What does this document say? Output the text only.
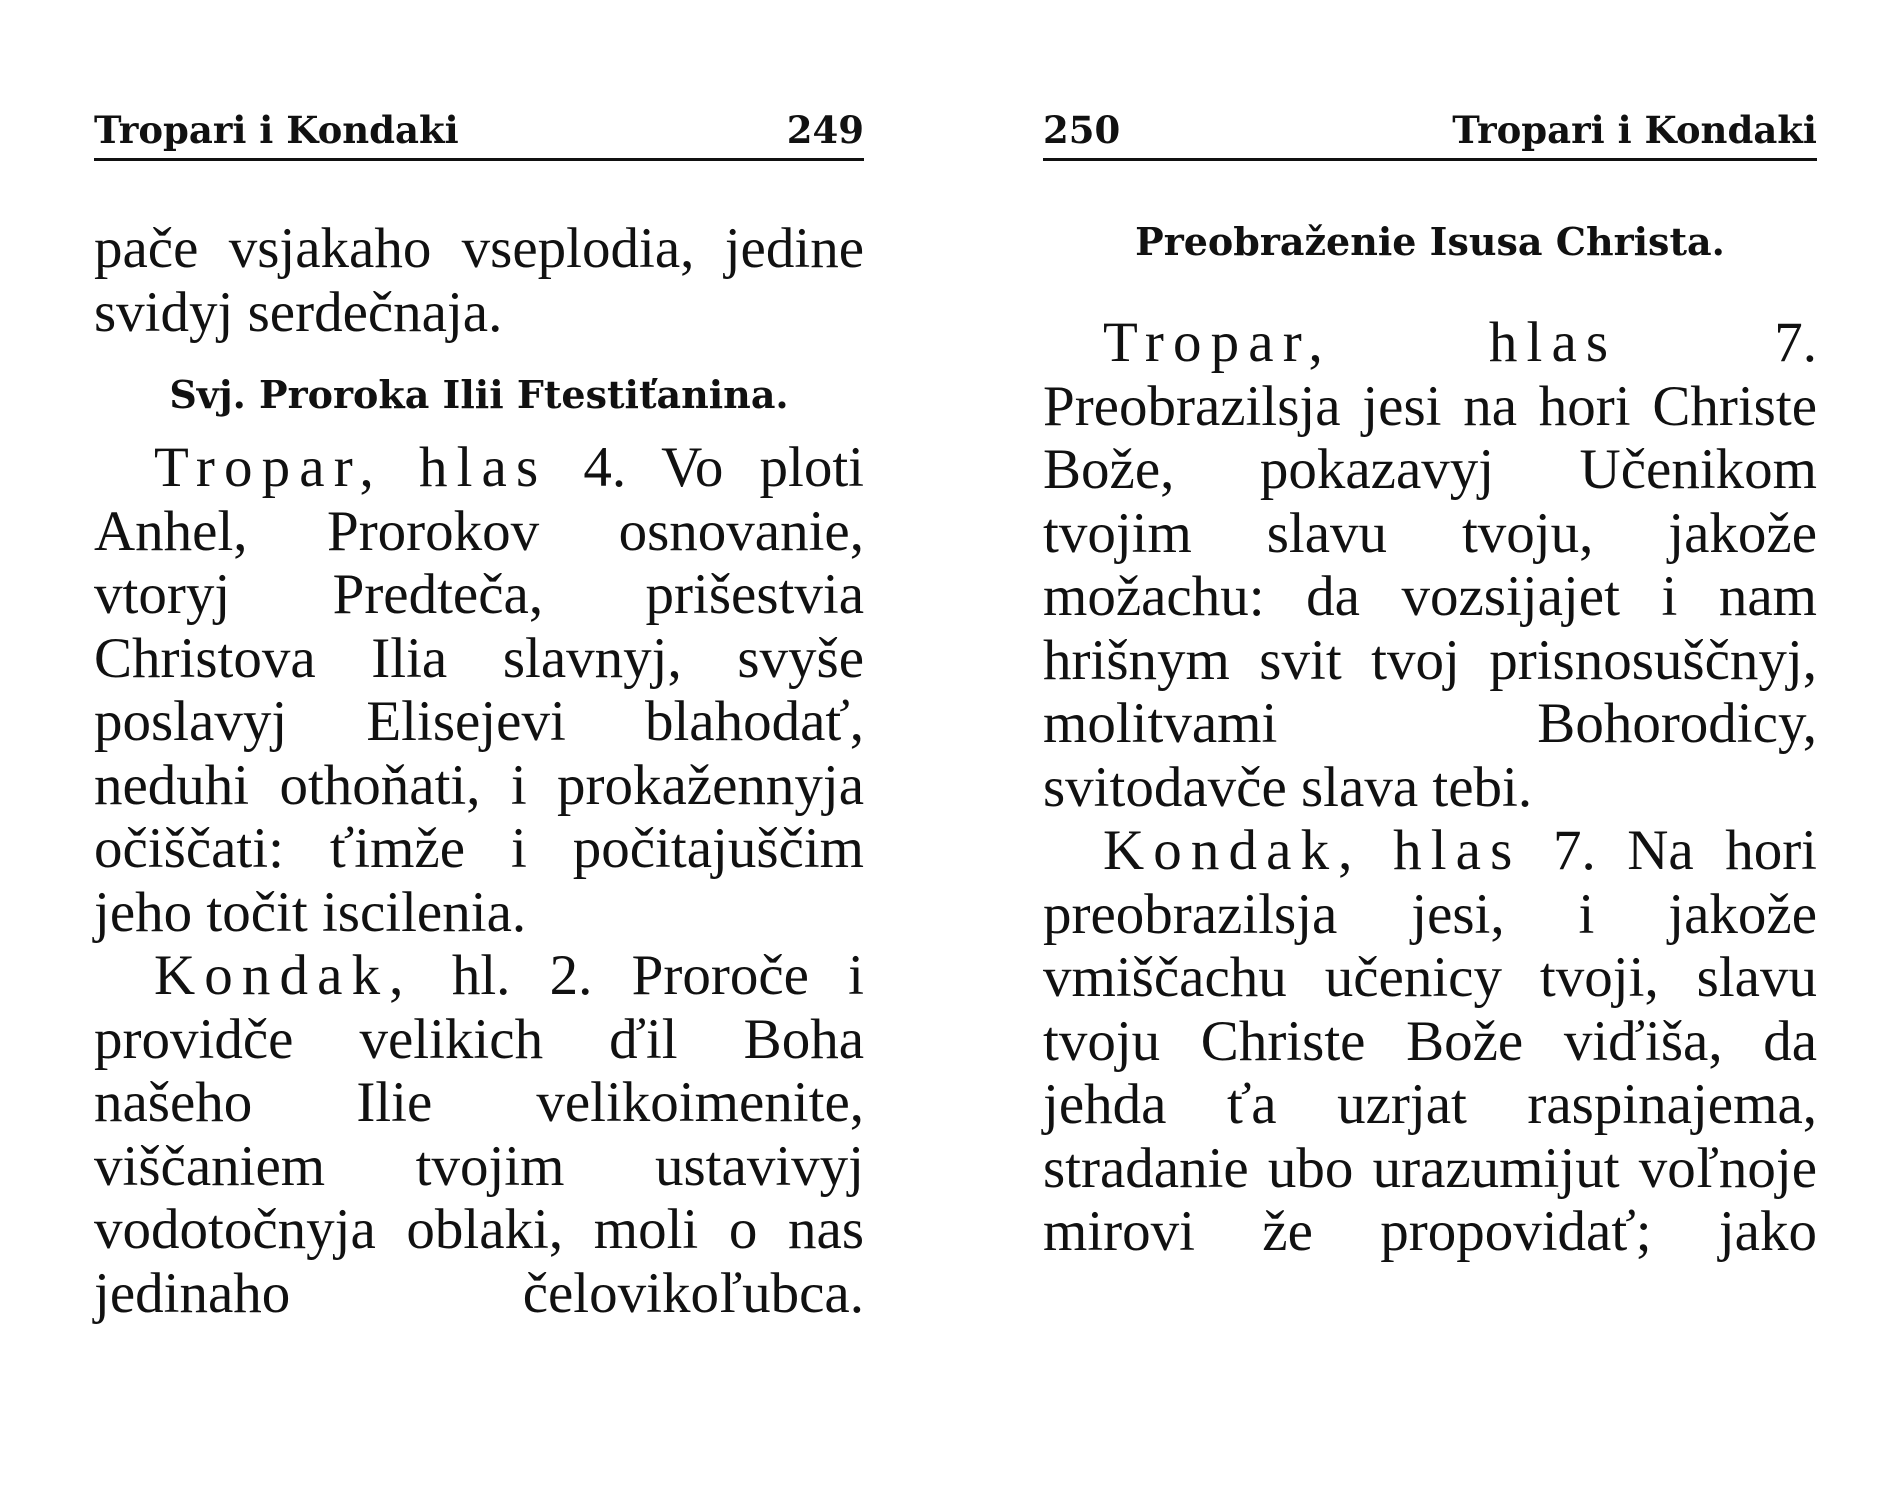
Tropari i Kondaki	249

pače vsjakaho vseplodia, jedine svidyj serdečnaja.

Svj. Proroka Ilii Ftestiťanina.

Tropar, hlas 4. Vo ploti Anhel, Prorokov osnovanie, vtoryj Predteča, prišestvia Christova Ilia slavnyj, svyše poslavyj Elisejevi blahodať, neduhi othoňati, i prokažennyja očiščati: ťimže i počitajuščim jeho točit iscilenia.

Kondak, hl. 2. Proroče i providče velikich ďil Boha našeho Ilie velikoimenite, viščaniem tvojim ustavivyj vodotočnyja oblaki, moli o nas jedinaho čelovikoľubca.

250	Tropari i Kondaki
Preobraženie Isusa Christa.

Tropar,	hlas	7. Preobrazilsja jesi na hori Christe Bože, pokazavyj Učenikom tvojim slavu tvoju, jakože možachu: da vozsijajet i nam hrišnym svit tvoj prisnosuščnyj, molitvami Bohorodicy, svitodavče slava tebi.

Kondak, hlas 7. Na hori preobrazilsja jesi, i jakože vmiščachu učenicy tvoji, slavu tvoju Christe Bože viďiša, da jehda ťa uzrjat raspinajema, stradanie ubo urazumijut voľnoje mirovi že propovidať; jako
